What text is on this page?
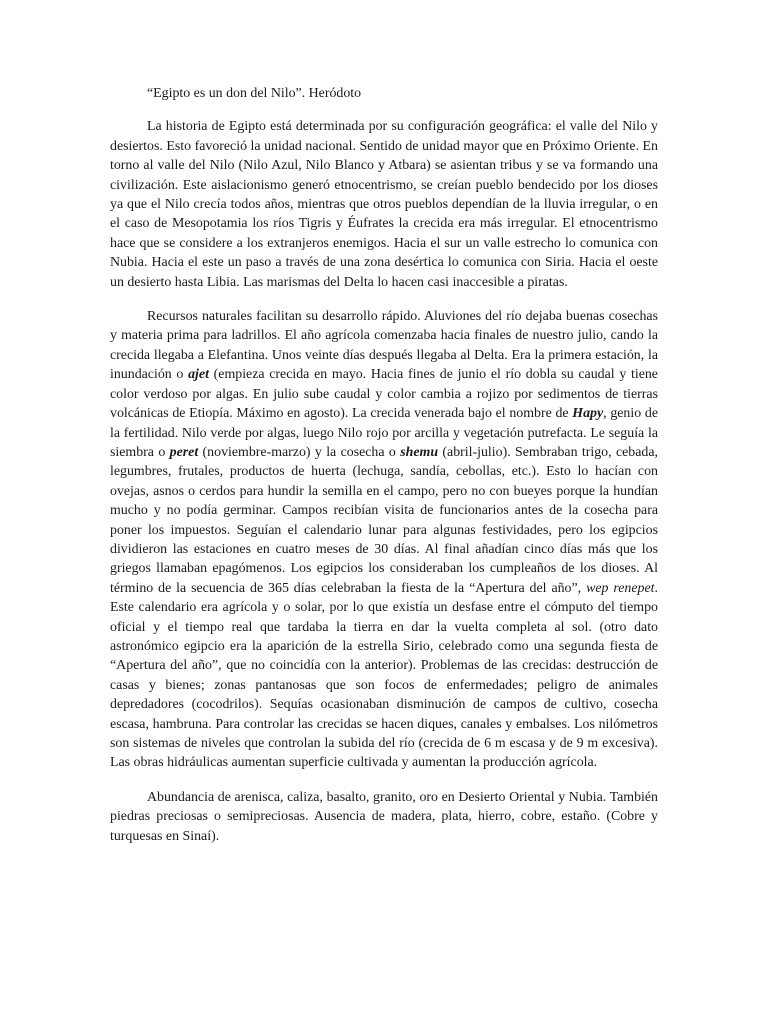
“Egipto es un don del Nilo”. Heródoto

La historia de Egipto está determinada por su configuración geográfica: el valle del Nilo y desiertos. Esto favoreció la unidad nacional. Sentido de unidad mayor que en Próximo Oriente. En torno al valle del Nilo (Nilo Azul, Nilo Blanco y Atbara) se asientan tribus y se va formando una civilización. Este aislacionismo generó etnocentrismo, se creían pueblo bendecido por los dioses ya que el Nilo crecía todos años, mientras que otros pueblos dependían de la lluvia irregular, o en el caso de Mesopotamia los ríos Tigris y Éufrates la crecida era más irregular. El etnocentrismo hace que se considere a los extranjeros enemigos. Hacia el sur un valle estrecho lo comunica con Nubia. Hacia el este un paso a través de una zona desértica lo comunica con Siria. Hacia el oeste un desierto hasta Libia. Las marismas del Delta lo hacen casi inaccesible a piratas.

Recursos naturales facilitan su desarrollo rápido. Aluviones del río dejaba buenas cosechas y materia prima para ladrillos. El año agrícola comenzaba hacia finales de nuestro julio, cando la crecida llegaba a Elefantina. Unos veinte días después llegaba al Delta. Era la primera estación, la inundación o ajet (empieza crecida en mayo. Hacia fines de junio el río dobla su caudal y tiene color verdoso por algas. En julio sube caudal y color cambia a rojizo por sedimentos de tierras volcánicas de Etiopía. Máximo en agosto). La crecida venerada bajo el nombre de Hapy, genio de la fertilidad. Nilo verde por algas, luego Nilo rojo por arcilla y vegetación putrefacta. Le seguía la siembra o peret (noviembre-marzo) y la cosecha o shemu (abril-julio). Sembraban trigo, cebada, legumbres, frutales, productos de huerta (lechuga, sandía, cebollas, etc.). Esto lo hacían con ovejas, asnos o cerdos para hundir la semilla en el campo, pero no con bueyes porque la hundían mucho y no podía germinar. Campos recibían visita de funcionarios antes de la cosecha para poner los impuestos. Seguían el calendario lunar para algunas festividades, pero los egipcios dividieron las estaciones en cuatro meses de 30 días. Al final añadían cinco días más que los griegos llamaban epagómenos. Los egipcios los consideraban los cumpleaños de los dioses. Al término de la secuencia de 365 días celebraban la fiesta de la “Apertura del año”, wep renepet. Este calendario era agrícola y o solar, por lo que existía un desfase entre el cómputo del tiempo oficial y el tiempo real que tardaba la tierra en dar la vuelta completa al sol. (otro dato astronómico egipcio era la aparición de la estrella Sirio, celebrado como una segunda fiesta de “Apertura del año”, que no coincidía con la anterior). Problemas de las crecidas: destrucción de casas y bienes; zonas pantanosas que son focos de enfermedades; peligro de animales depredadores (cocodrilos). Sequías ocasionaban disminución de campos de cultivo, cosecha escasa, hambruna. Para controlar las crecidas se hacen diques, canales y embalses. Los nilómetros son sistemas de niveles que controlan la subida del río (crecida de 6 m escasa y de 9 m excesiva). Las obras hidráulicas aumentan superficie cultivada y aumentan la producción agrícola.

Abundancia de arenisca, caliza, basalto, granito, oro en Desierto Oriental y Nubia. También piedras preciosas o semipreciosas. Ausencia de madera, plata, hierro, cobre, estaño. (Cobre y turquesas en Sinaí).
